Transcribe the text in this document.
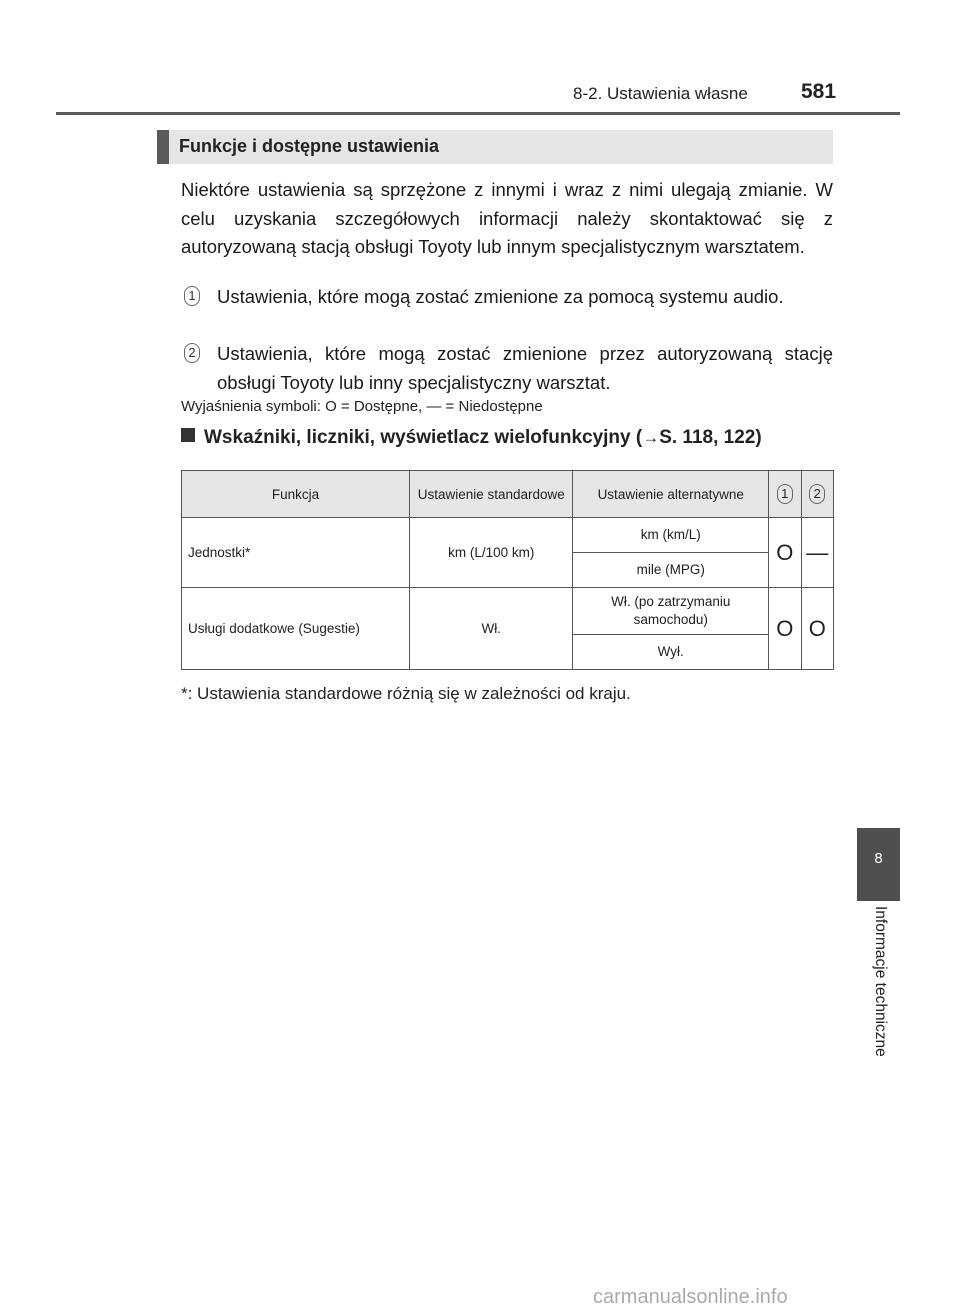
8-2. Ustawienia własne	581
Funkcje i dostępne ustawienia
Niektóre ustawienia są sprzężone z innymi i wraz z nimi ulegają zmianie. W celu uzyskania szczegółowych informacji należy skontaktować się z autoryzowaną stacją obsługi Toyoty lub innym specjalistycznym warsztatem.
1 Ustawienia, które mogą zostać zmienione za pomocą systemu audio.
2 Ustawienia, które mogą zostać zmienione przez autoryzowaną stację obsługi Toyoty lub inny specjalistyczny warsztat.
Wyjaśnienia symboli: O = Dostępne, — = Niedostępne
Wskaźniki, liczniki, wyświetlacz wielofunkcyjny (→S. 118, 122)
Funkcja	Ustawienie standardowe	Ustawienie alternatywne	1	2
Jednostki*	km (L/100 km)	km (km/L)	O	—
		mile (MPG)		
Usługi dodatkowe (Sugestie)	Wł.	Wł. (po zatrzymaniu samochodu)	O	O
		Wył.		
*: Ustawienia standardowe różnią się w zależności od kraju.
8
Informacje techniczne
carmanualsonline.info
